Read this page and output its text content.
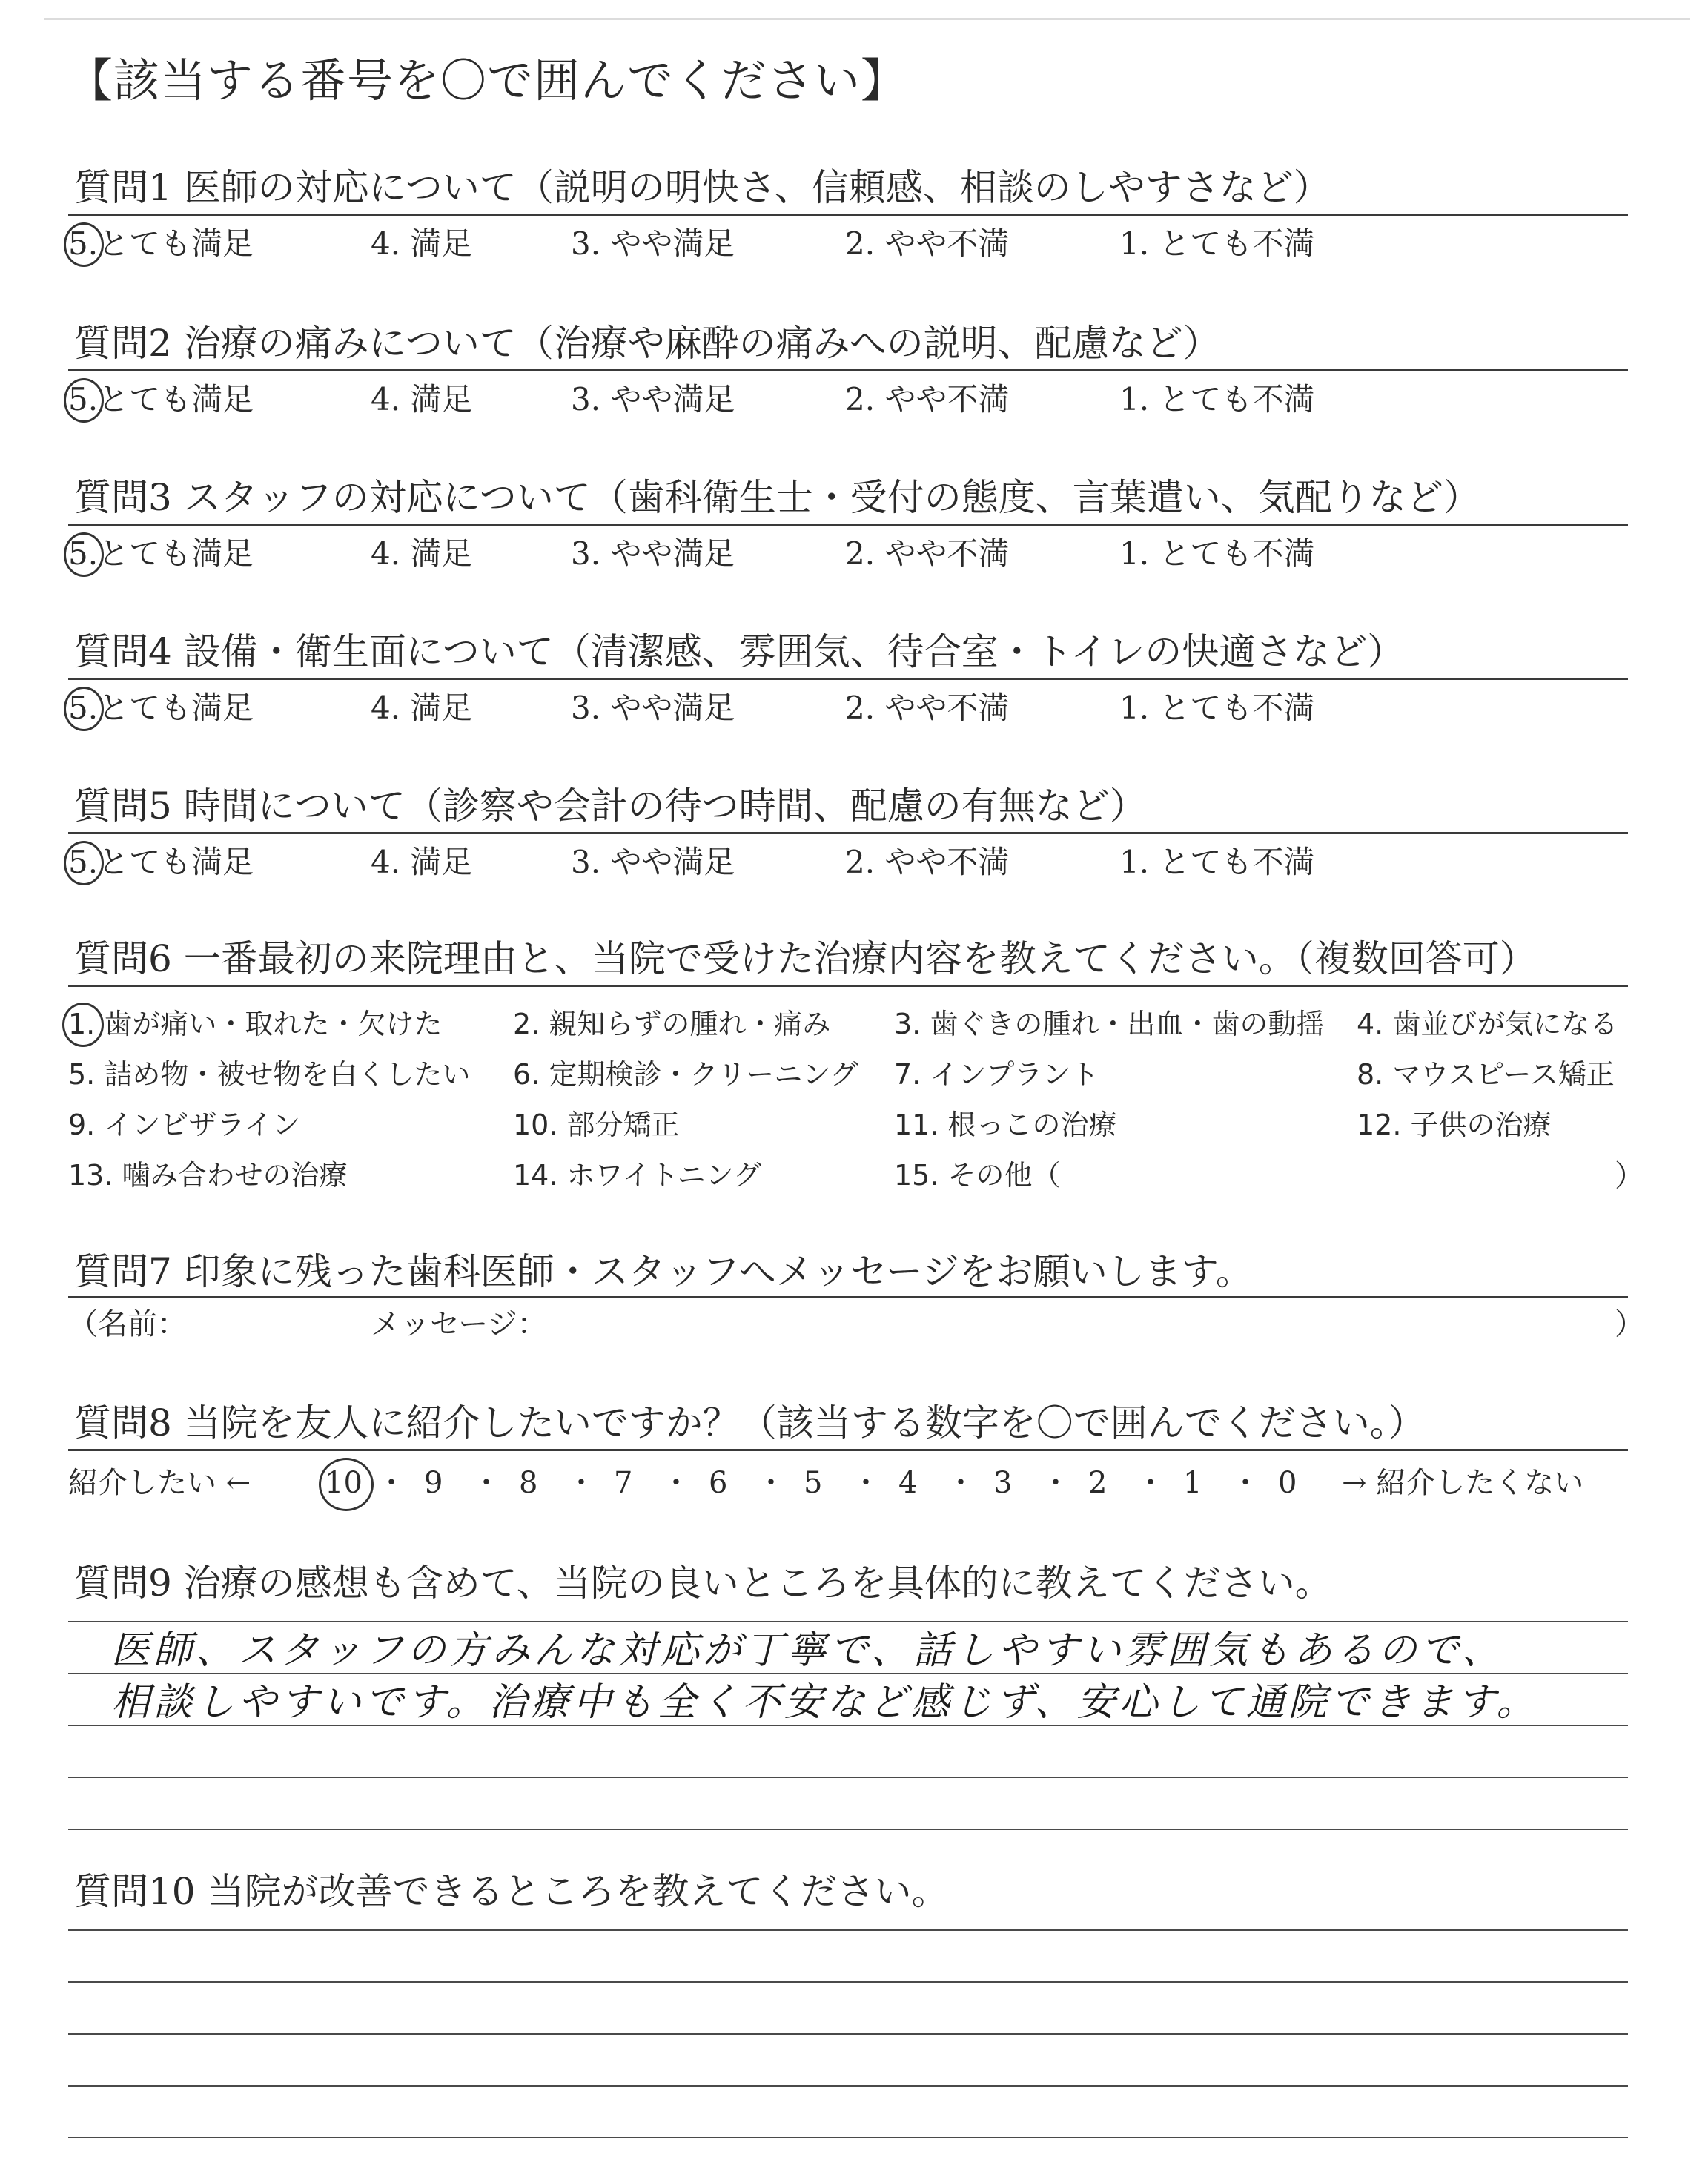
【該当する番号を〇で囲んでください】
質問1 医師の対応について（説明の明快さ、信頼感、相談のしやすさなど）
5.とても満足	4. 満足	3. やや満足	2. やや不満	1. とても不満
質問2 治療の痛みについて（治療や麻酔の痛みへの説明、配慮など）
5.とても満足	4. 満足	3. やや満足	2. やや不満	1. とても不満
質問3 スタッフの対応について（歯科衛生士・受付の態度、言葉遣い、気配りなど）
5.とても満足	4. 満足	3. やや満足	2. やや不満	1. とても不満
質問4 設備・衛生面について（清潔感、雰囲気、待合室・トイレの快適さなど）
5.とても満足	4. 満足	3. やや満足	2. やや不満	1. とても不満
質問5 時間について（診察や会計の待つ時間、配慮の有無など）
5.とても満足	4. 満足	3. やや満足	2. やや不満	1. とても不満
質問6 一番最初の来院理由と、当院で受けた治療内容を教えてください。（複数回答可）
1. 歯が痛い・取れた・欠けた	2. 親知らずの腫れ・痛み 3. 歯ぐきの腫れ・出血・歯の動揺 4. 歯並びが気になる
5. 詰め物・被せ物を白くしたい 6. 定期検診・クリーニング 7. インプラント	8. マウスピース矯正
9. インビザライン	10. 部分矯正	11. 根っこの治療	12. 子供の治療
13. 噛み合わせの治療	14. ホワイトニング	15. その他（	）
質問7 印象に残った歯科医師・スタッフへメッセージをお願いします。
（名前：	メッセージ：	）
質問8 当院を友人に紹介したいですか？（該当する数字を〇で囲んでください。）
紹介したい ← 10 ・ 9 ・ 8 ・ 7 ・ 6 ・ 5 ・ 4 ・ 3 ・ 2 ・ 1 ・ 0 → 紹介したくない
質問9 治療の感想も含めて、当院の良いところを具体的に教えてください。
医師、スタッフの方みんな対応が丁寧で、話しやすい雰囲気もあるので、
相談しやすいです。治療中も全く不安など感じず、安心して通院できます。
質問10 当院が改善できるところを教えてください。
